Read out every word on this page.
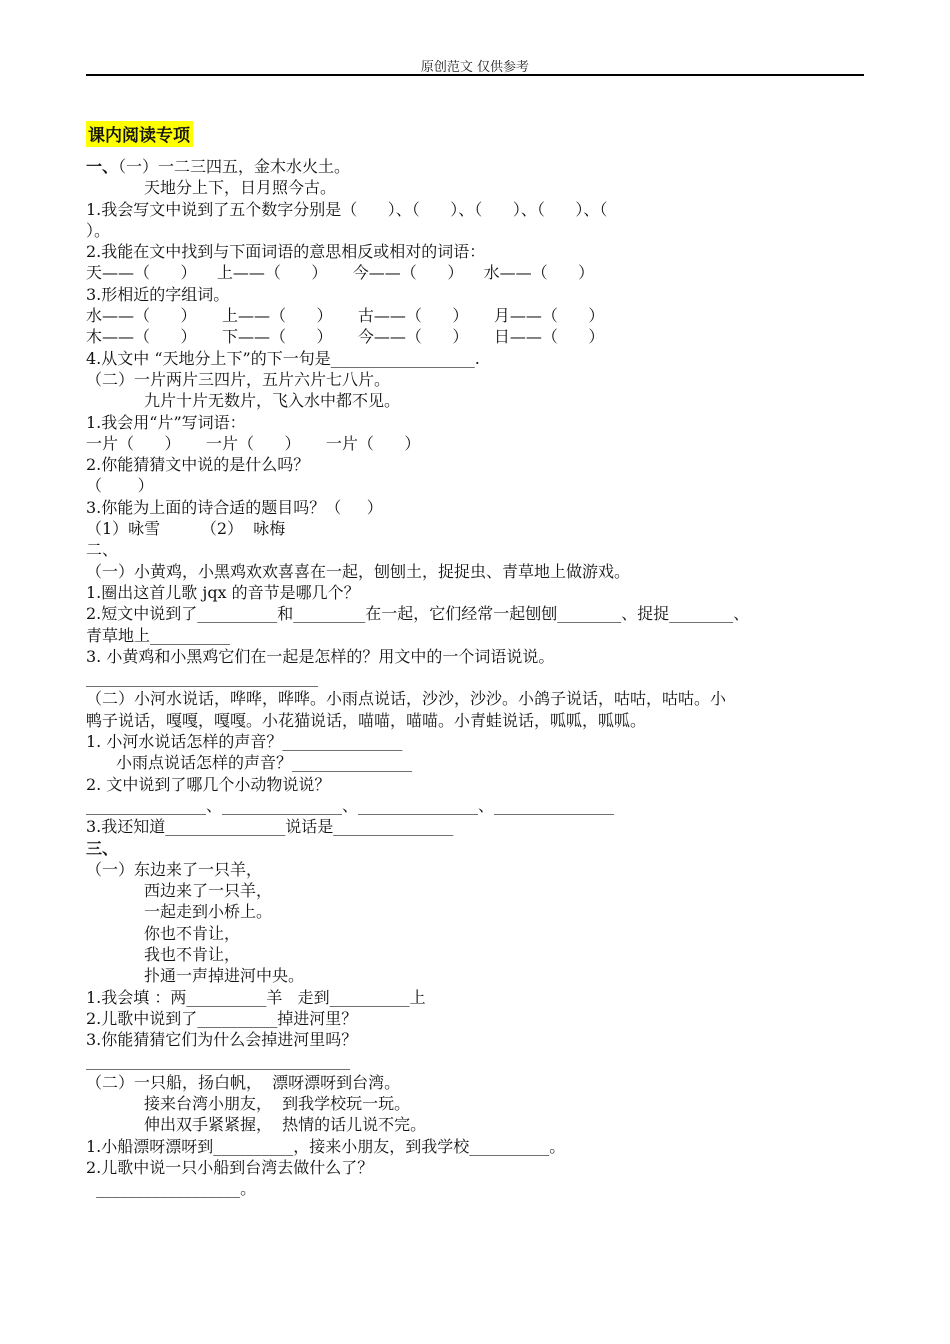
原创范文 仅供参考
课内阅读专项
一、（一）一二三四五，金木水火土。
天地分上下，日月照今古。
1.我会写文中说到了五个数字分别是（      ）、（      ）、（      ）、（      ）、（
）。
2.我能在文中找到与下面词语的意思相反或相对的词语：
天——（      ）    上——（      ）     今——（      ）    水——（      ）
3.形相近的字组词。
水——（      ）     上——（      ）     古——（      ）     月——（      ）
木——（      ）     下——（      ）     今——（      ）     日——（      ）
4.从文中 “天地分上下”的下一句是__________________.
（二）一片两片三四片，五片六片七八片。
九片十片无数片，飞入水中都不见。
1.我会用“片”写词语：
一片（      ）     一片（      ）     一片（      ）
2.你能猜猜文中说的是什么吗？
（       ）
3.你能为上面的诗合适的题目吗？（     ）
（1）咏雪        （2）  咏梅
二、
（一）小黄鸡，小黑鸡欢欢喜喜在一起，刨刨土，捉捉虫、青草地上做游戏。
1.圈出这首儿歌 jqx 的音节是哪几个？
2.短文中说到了__________和_________在一起，它们经常一起刨刨________、捉捉________、
青草地上__________
3. 小黄鸡和小黑鸡它们在一起是怎样的？用文中的一个词语说说。
_____________________________
（二）小河水说话，哗哗，哗哗。小雨点说话，沙沙，沙沙。小鸽子说话，咕咕，咕咕。小
鸭子说话，嘎嘎，嘎嘎。小花猫说话，喵喵，喵喵。小青蛙说话，呱呱，呱呱。
1. 小河水说话怎样的声音？_______________
小雨点说话怎样的声音？_______________
2. 文中说到了哪几个小动物说说？
_______________、_______________、_______________、_______________
3.我还知道_______________说话是_______________
三、
（一）东边来了一只羊，
西边来了一只羊，
一起走到小桥上。
你也不肯让，
我也不肯让，
扑通一声掉进河中央。
1.我会填 ：两__________羊   走到__________上
2.儿歌中说到了__________掉进河里？
3.你能猜猜它们为什么会掉进河里吗？
_________________________________
（二）一只船，扬白帆，  漂呀漂呀到台湾。
接来台湾小朋友，  到我学校玩一玩。
伸出双手紧紧握，  热情的话儿说不完。
1.小船漂呀漂呀到__________，接来小朋友，到我学校__________。
2.儿歌中说一只小船到台湾去做什么了？
__________________。
